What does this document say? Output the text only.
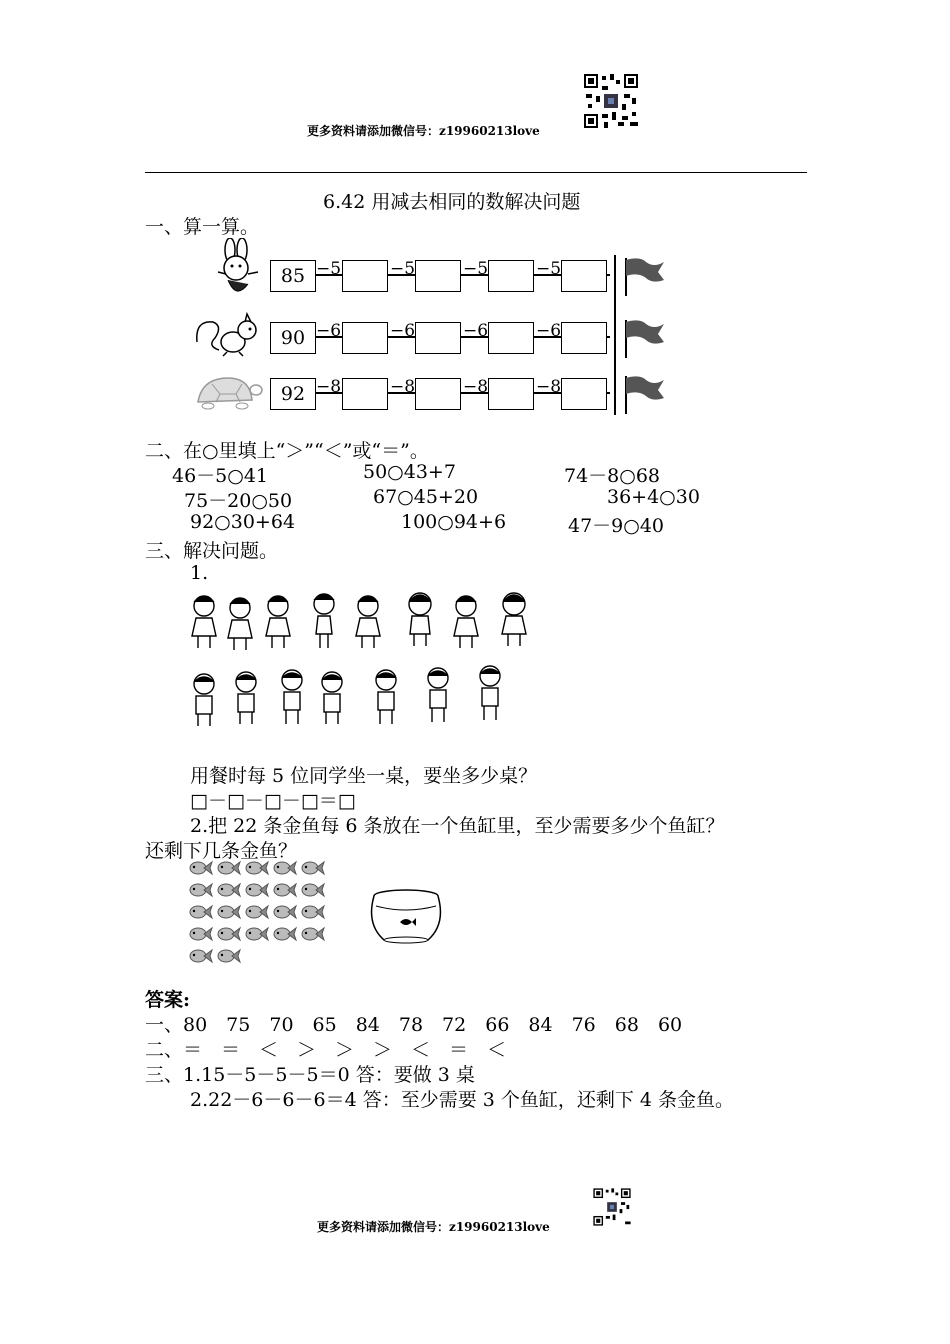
更多资料请添加微信号：z19960213love
6.42 用减去相同的数解决问题
一、算一算。
85 −5	−5	−5	−5
90 −6	−6	−6	−6
92 −8	−8	−8	−8
二、在○里填上“＞”“＜”或“＝”。
46－5○41	50○43+7	74－8○68
75－20○50	67○45+20	36+4○30
92○30+64	100○94+6	47－9○40
三、解决问题。
1.
用餐时每 5 位同学坐一桌，要坐多少桌？
□－□－□－□＝□
2.把 22 条金鱼每 6 条放在一个鱼缸里，至少需要多少个鱼缸？
还剩下几条金鱼？
答案:
一、80　75　70　65　84　78　72　66　84　76　68　60
二、＝　＝　＜　＞　＞　＞　＜　＝　＜
三、1.15－5－5－5＝0 答：要做 3 桌
2.22－6－6－6＝4 答：至少需要 3 个鱼缸，还剩下 4 条金鱼。
更多资料请添加微信号：z19960213love
